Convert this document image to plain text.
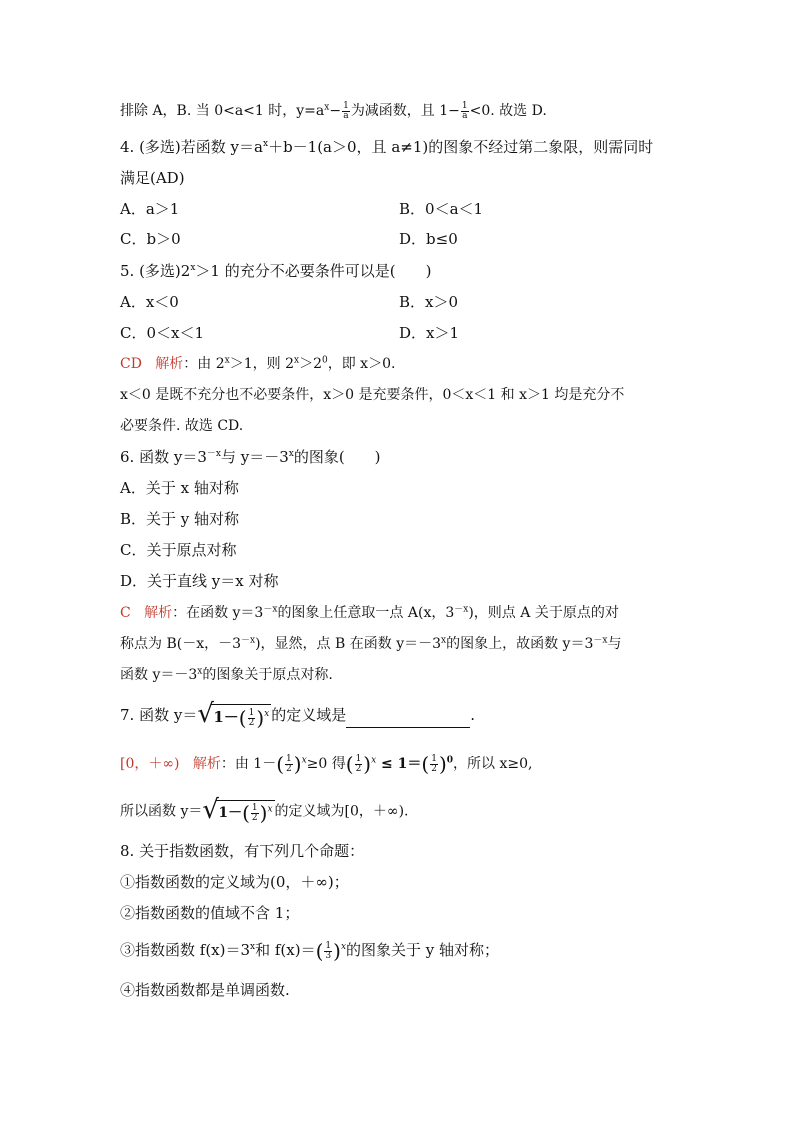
排除 A，B. 当 0<a<1 时，$y=a^x- \frac{1}{a}$ 为减函数，且 $1- \frac{1}{a} <0$. 故选 D.
4. (多选)若函数 $y=a^x+b-1(a>0$，且 a≠1)的图象不经过第二象限，则需同时
满足(AD)
A．a＞1	B．0＜a＜1
C．b＞0	D．b≤0
5. (多选)$2^x>1$ 的充分不必要条件可以是(　　)
A．x＜0	B．x＞0
C．0＜x＜1	D．x＞1
CD 解析：由 $2^x>1$，则 $2^x>2^0$，即 x＞0.
x＜0 是既不充分也不必要条件，x＞0 是充要条件，0＜x＜1 和 x＞1 均是充分不
必要条件. 故选 CD.
6. 函数 $y=3^{-x}$与 $y=-3^x$的图象(　　)
A．关于 x 轴对称
B．关于 y 轴对称
C．关于原点对称
D．关于直线 y＝x 对称
C 解析：在函数 $y=3^{-x}$的图象上任意取一点 A(x，$3^{-x}$)，则点 A 关于原点的对
称点为 B(－x，$-3^{-x}$)，显然，点 B 在函数 $y=-3^x$的图象上，故函数 $y=3^{-x}$与
函数 $y=-3^x$的图象关于原点对称.
7. 函数 y＝ √ $1-( \frac{1}{2} )^x$ 的定义域是	.
[0，＋∞) 解析：由 $1-( \frac{1}{2} )^x\ge 0$ 得( $\frac{1}{2} )^x \le 1=( \frac{1}{2} )^0$，所以 x≥0,
所以函数 y＝ √ $1-( \frac{1}{2} )^x$ 的定义域为[0，＋∞).
8. 关于指数函数，有下列几个命题：
①指数函数的定义域为(0，＋∞)；
②指数函数的值域不含 1；
③指数函数 $f(x)=3^x$和 $f(x)=( \frac{1}{3} )^x$的图象关于 y 轴对称；
④指数函数都是单调函数.
